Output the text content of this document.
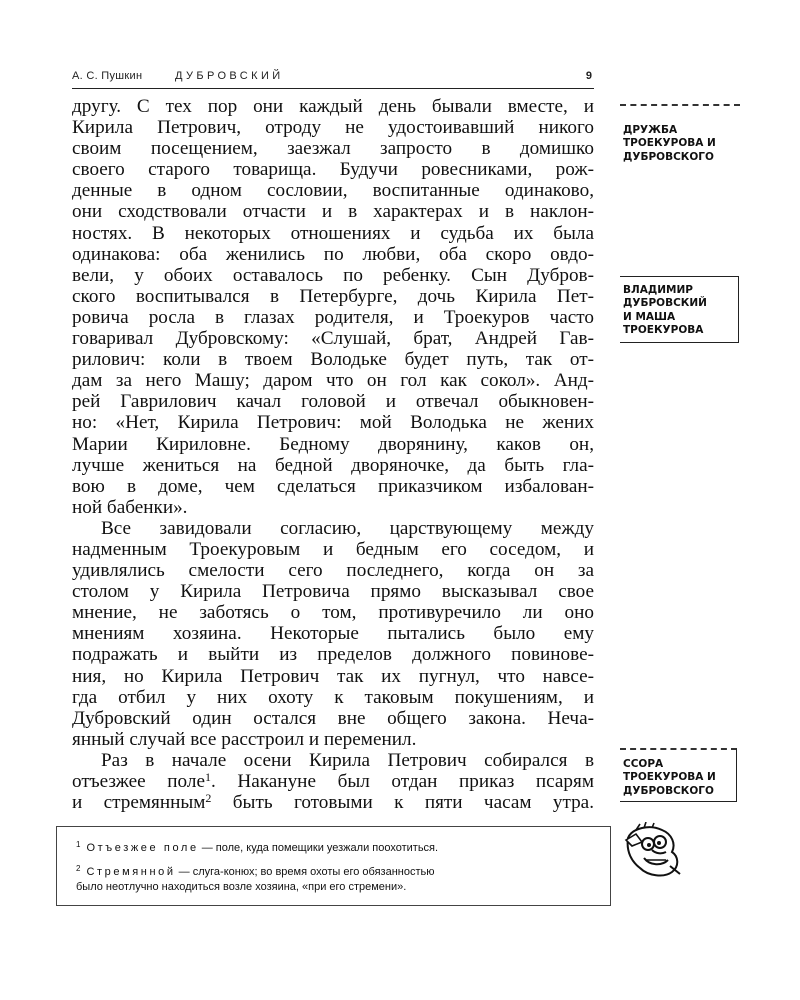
А. С. Пушкин	ДУБРОВСКИЙ	9

другу. С тех пор они каждый день бывали вместе, и

Кирила Петрович, отроду не удостоивавший никого

своим посещением, заезжал запросто в домишко

своего старого товарища. Будучи ровесниками, рож-

денные в одном сословии, воспитанные одинаково,

они сходствовали отчасти и в характерах и в наклон-

ностях. В некоторых отношениях и судьба их была

одинакова: оба женились по любви, оба скоро овдо-

вели, у обоих оставалось по ребенку. Сын Дубров-

ского воспитывался в Петербурге, дочь Кирила Пет-

ровича росла в глазах родителя, и Троекуров часто

говаривал Дубровскому: «Слушай, брат, Андрей Гав-

рилович: коли в твоем Володьке будет путь, так от-

дам за него Машу; даром что он гол как сокол». Анд-

рей Гаврилович качал головой и отвечал обыкновен-

но: «Нет, Кирила Петрович: мой Володька не жених

Марии Кириловне. Бедному дворянину, каков он,

лучше жениться на бедной дворяночке, да быть гла-

вою в доме, чем сделаться приказчиком избалован-

ной бабенки».

Все завидовали согласию, царствующему между

надменным Троекуровым и бедным его соседом, и

удивлялись смелости сего последнего, когда он за

столом у Кирила Петровича прямо высказывал свое

мнение, не заботясь о том, противуречило ли оно

мнениям хозяина. Некоторые пытались было ему

подражать и выйти из пределов должного повинове-

ния, но Кирила Петрович так их пугнул, что навсе-

гда отбил у них охоту к таковым покушениям, и

Дубровский один остался вне общего закона. Неча-

янный случай все расстроил и переменил.

Раз в начале осени Кирила Петрович собирался в

отъезжее поле$^1$. Накануне был отдан приказ псарям

и стремянным$^2$ быть готовыми к пяти часам утра.

ДРУЖБА
ТРОЕКУРОВА И
ДУБРОВСКОГО
ВЛАДИМИР
ДУБРОВСКИЙ
И МАША
ТРОЕКУРОВА
ССОРА
ТРОЕКУРОВА И
ДУБРОВСКОГО

$^1$ Отъезжее поле — поле, куда помещики уезжали поохотиться.

$^2$ Стремянной — слуга-конюх; во время охоты его обязанностью
было неотлучно находиться возле хозяина, «при его стремени».
